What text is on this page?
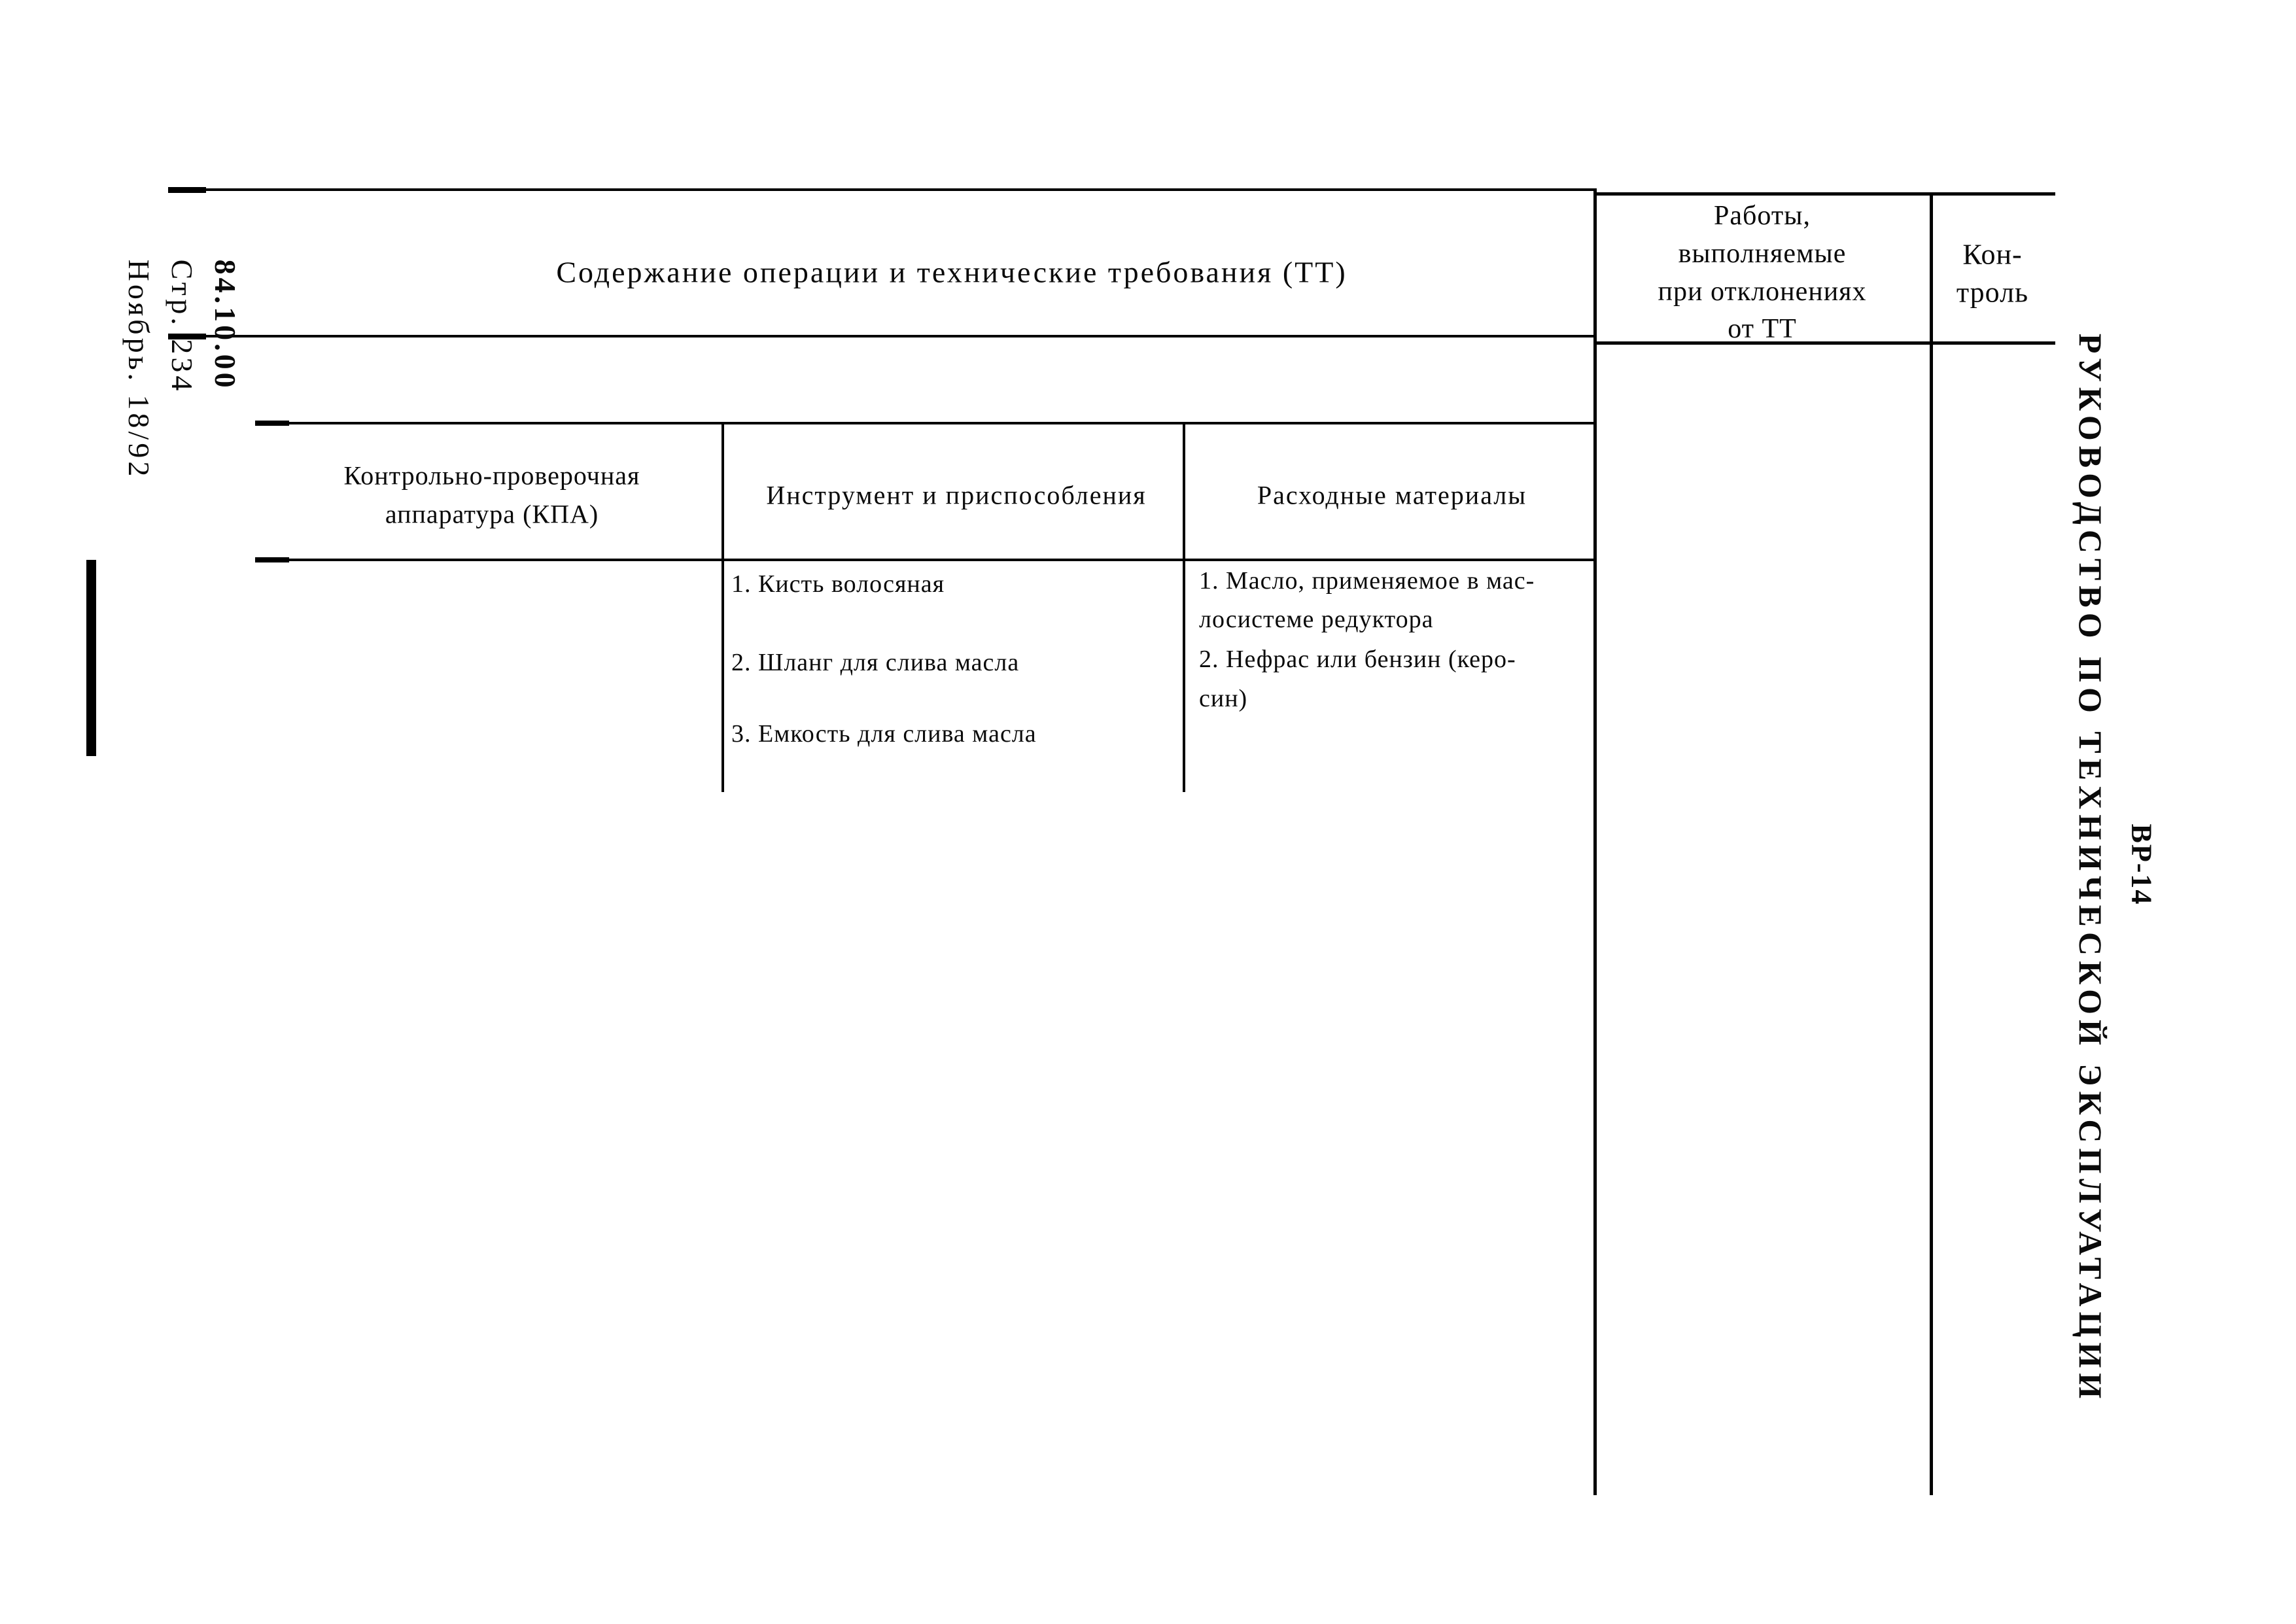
Содержание операции и технические требования (ТТ)
Работы,
выполняемые
при отклонениях
от ТТ
Кон-
троль
Контрольно-проверочная
аппаратура (КПА)
Инструмент и приспособления	Расходные материалы
1. Кисть волосяная
2. Шланг для слива масла
3. Емкость для слива масла
1. Масло, применяемое в мас-
лосистеме редуктора
2. Нефрас или бензин (керо-
син)
84.10.00
Стр. 234
Ноябрь. 18/92	РУКОВОДСТВО ПО ТЕХНИЧЕСКОЙ ЭКСПЛУАТАЦИИ ВР-14
